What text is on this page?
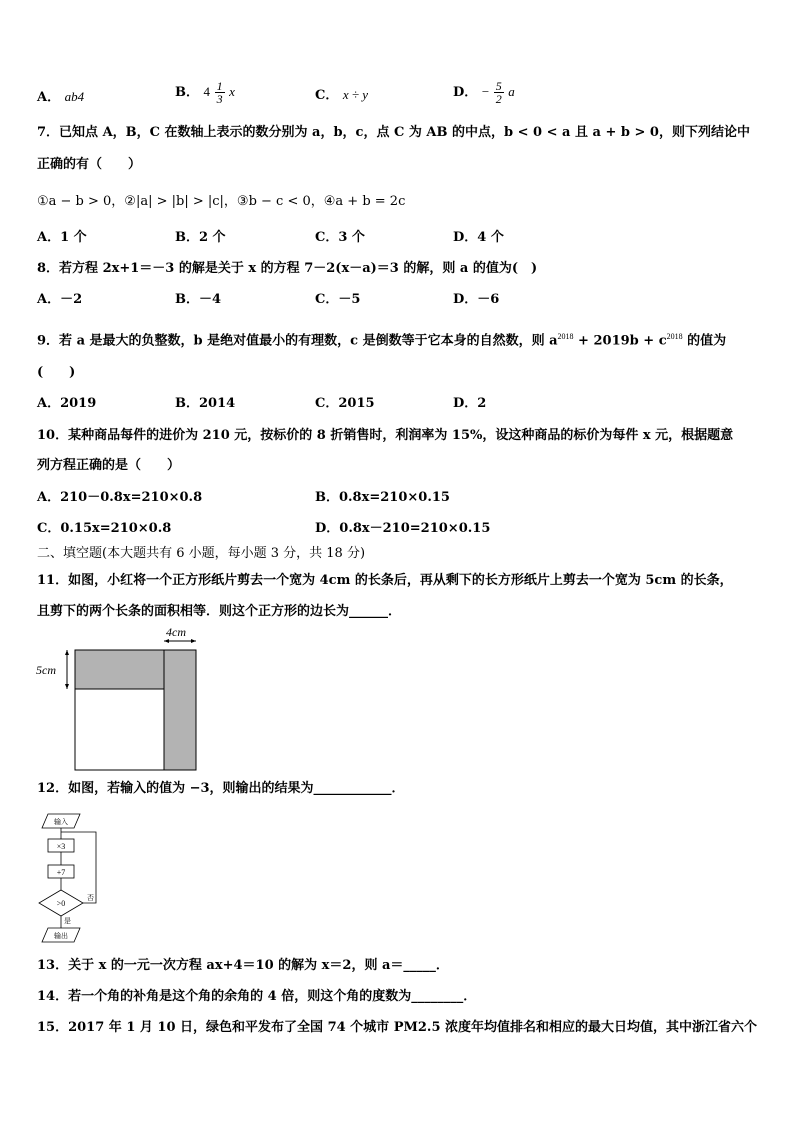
A． ab4	B． $4 \frac{1}{3}$ x	C． x ÷ y	D． − $\frac{5}{2}$ a
7．已知点 A，B，C 在数轴上表示的数分别为 a，b，c，点 C 为 AB 的中点，b < 0 < a 且 a + b > 0，则下列结论中
正确的有（　　）
①a − b > 0，②|a| > |b| > |c|，③b − c < 0，④a + b = 2c
A．1 个	B．2 个	C．3 个	D．4 个
8．若方程 2x+1＝－3 的解是关于 x 的方程 7－2(x－a)＝3 的解，则 a 的值为(　)
A．－2	B．－4	C．－5	D．－6
9．若 a 是最大的负整数，b 是绝对值最小的有理数，c 是倒数等于它本身的自然数，则 $a^{2018} + 2019b + c^{2018}$ 的值为
(　　)
A．2019	B．2014	C．2015	D．2
10．某种商品每件的进价为 210 元，按标价的 8 折销售时，利润率为 15%，设这种商品的标价为每件 x 元，根据题意
列方程正确的是（　　）
A．210－0.8x=210×0.8	B．0.8x=210×0.15
C．0.15x=210×0.8	D．0.8x－210=210×0.15
二、填空题(本大题共有 6 小题，每小题 3 分，共 18 分)
11．如图，小红将一个正方形纸片剪去一个宽为 4cm 的长条后，再从剩下的长方形纸片上剪去一个宽为 5cm 的长条，
且剪下的两个长条的面积相等．则这个正方形的边长为______．
4cm
5cm
12．如图，若输入的值为 −3，则输出的结果为____________．
输入
×3
+7
>0
否
是
输出
13．关于 x 的一元一次方程 ax+4＝10 的解为 x＝2，则 a＝_____．
14．若一个角的补角是这个角的余角的 4 倍，则这个角的度数为________．
15．2017 年 1 月 10 日，绿色和平发布了全国 74 个城市 PM2.5 浓度年均值排名和相应的最大日均值，其中浙江省六个
